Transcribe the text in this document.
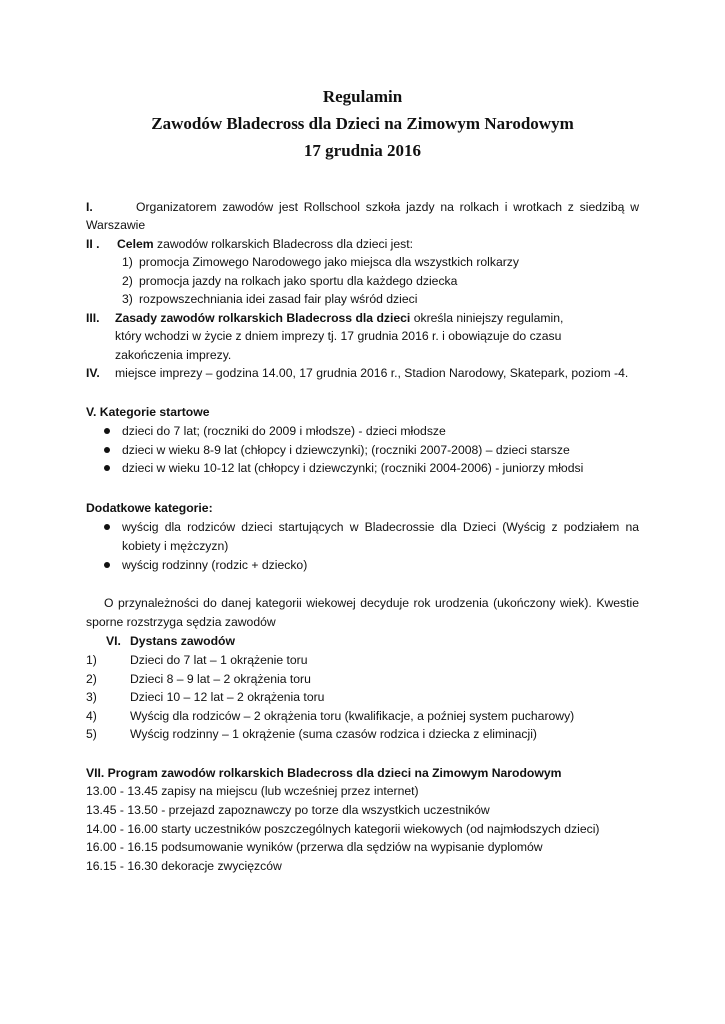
Regulamin
Zawodów Bladecross dla Dzieci na Zimowym Narodowym
17 grudnia 2016
I.	Organizatorem zawodów jest Rollschool szkoła jazdy na rolkach i wrotkach z siedzibą w
Warszawie
II . Celem zawodów rolkarskich Bladecross dla dzieci jest:
1) promocja Zimowego Narodowego jako miejsca dla wszystkich rolkarzy
2) promocja jazdy na rolkach jako sportu dla każdego dziecka
3) rozpowszechniania idei zasad fair play wśród dzieci
III. Zasady zawodów rolkarskich Bladecross dla dzieci określa niniejszy regulamin,
który wchodzi w życie z dniem imprezy tj. 17 grudnia 2016 r. i obowiązuje do czasu
zakończenia imprezy.
IV. miejsce imprezy – godzina 14.00, 17 grudnia 2016 r., Stadion Narodowy, Skatepark, poziom -4.
V. Kategorie startowe
dzieci do 7 lat; (roczniki do 2009 i młodsze) - dzieci młodsze
dzieci w wieku 8-9 lat (chłopcy i dziewczynki); (roczniki 2007-2008) – dzieci starsze
dzieci w wieku 10-12 lat (chłopcy i dziewczynki; (roczniki 2004-2006) - juniorzy młodsi
Dodatkowe kategorie:
wyścig dla rodziców dzieci startujących w Bladecrossie dla Dzieci (Wyścig z podziałem na
kobiety i mężczyzn)
wyścig rodzinny (rodzic + dziecko)
O przynależności do danej kategorii wiekowej decyduje rok urodzenia (ukończony wiek). Kwestie
sporne rozstrzyga sędzia zawodów
VI. Dystans zawodów
1)	Dzieci do 7 lat – 1 okrążenie toru
2)	Dzieci 8 – 9 lat – 2 okrążenia toru
3)	Dzieci 10 – 12 lat – 2 okrążenia toru
4)	Wyścig dla rodziców – 2 okrążenia toru (kwalifikacje, a poźniej system pucharowy)
5)	Wyścig rodzinny – 1 okrążenie (suma czasów rodzica i dziecka z eliminacji)
VII. Program zawodów rolkarskich Bladecross dla dzieci na Zimowym Narodowym
13.00 - 13.45 zapisy na miejscu (lub wcześniej przez internet)
13.45 - 13.50 - przejazd zapoznawczy po torze dla wszystkich uczestników
14.00 - 16.00 starty uczestników poszczególnych kategorii wiekowych (od najmłodszych dzieci)
16.00 - 16.15 podsumowanie wyników (przerwa dla sędziów na wypisanie dyplomów
16.15 - 16.30 dekoracje zwycięzców
